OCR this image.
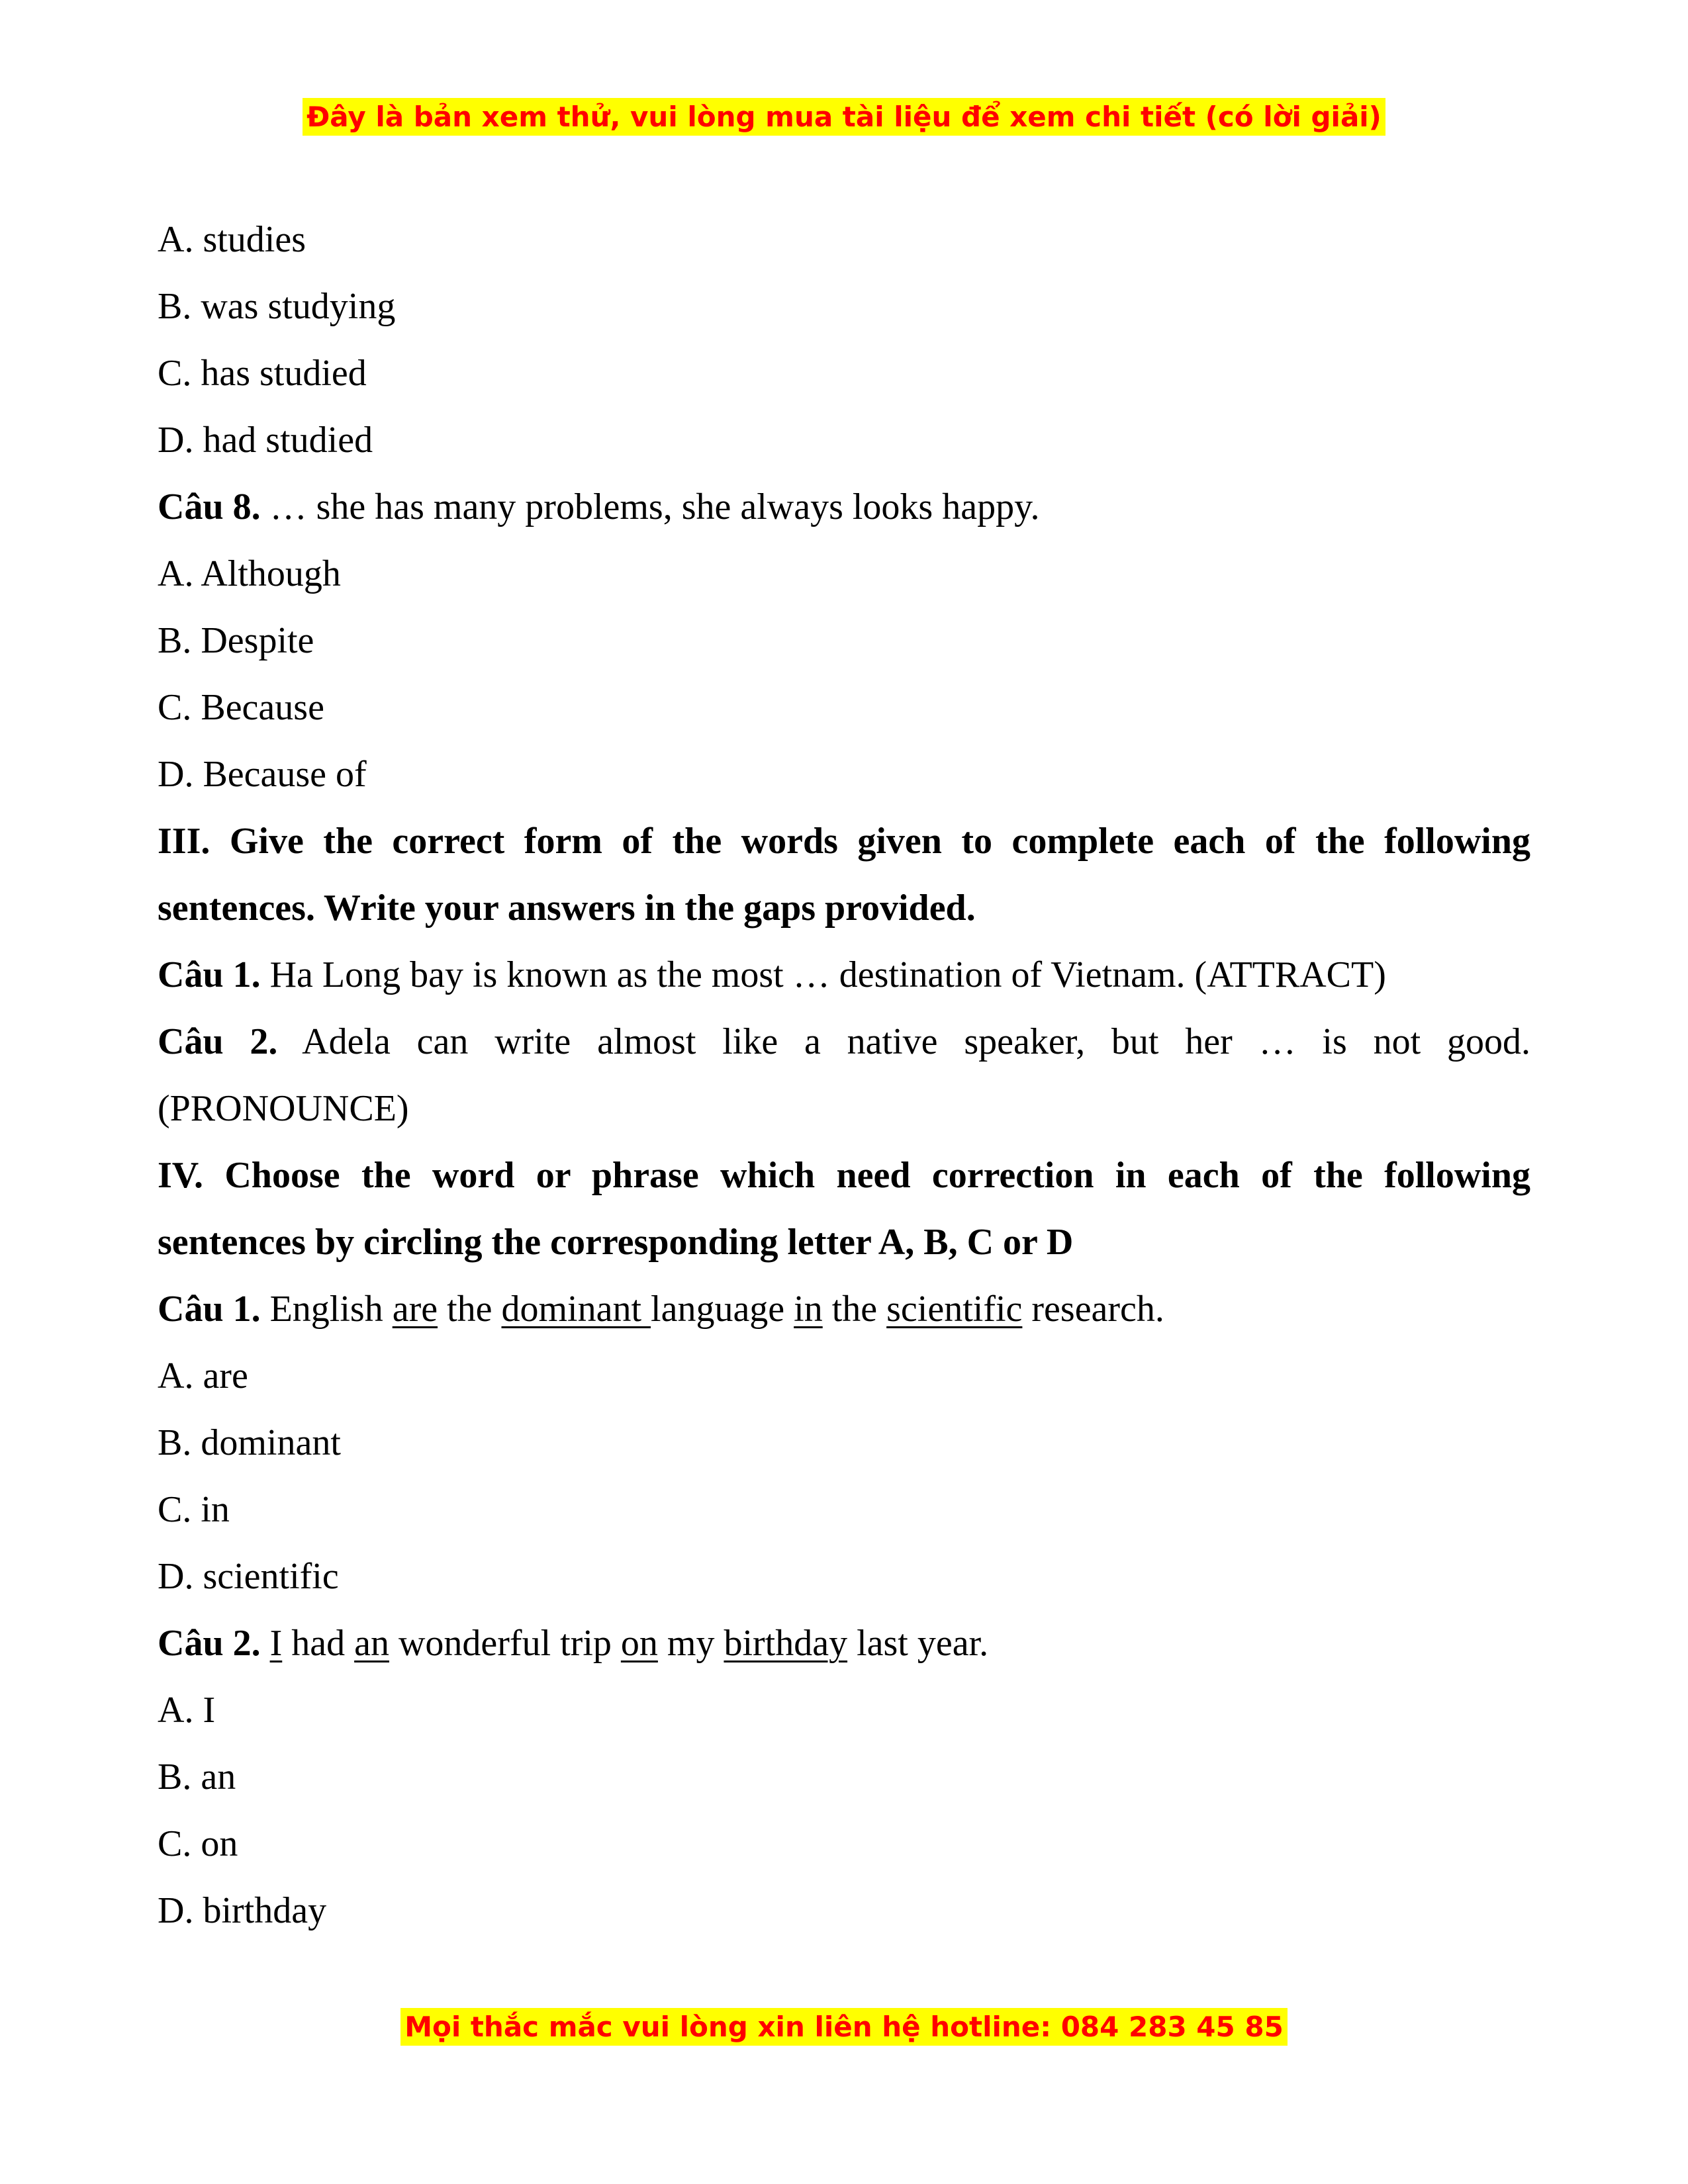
Đây là bản xem thử, vui lòng mua tài liệu để xem chi tiết (có lời giải)
A. studies
B. was studying
C. has studied
D. had studied
Câu 8. … she has many problems, she always looks happy.
A. Although
B. Despite
C. Because
D. Because of
III. Give the correct form of the words given to complete each of the following
sentences. Write your answers in the gaps provided.
Câu 1. Ha Long bay is known as the most … destination of Vietnam. (ATTRACT)
Câu 2. Adela can write almost like a native speaker, but her … is not good.
(PRONOUNCE)
IV. Choose the word or phrase which need correction in each of the following
sentences by circling the corresponding letter A, B, C or D
Câu 1. English are the dominant language in the scientific research.
A. are
B. dominant
C. in
D. scientific
Câu 2. I had an wonderful trip on my birthday last year.
A. I
B. an
C. on
D. birthday
Mọi thắc mắc vui lòng xin liên hệ hotline: 084 283 45 85
